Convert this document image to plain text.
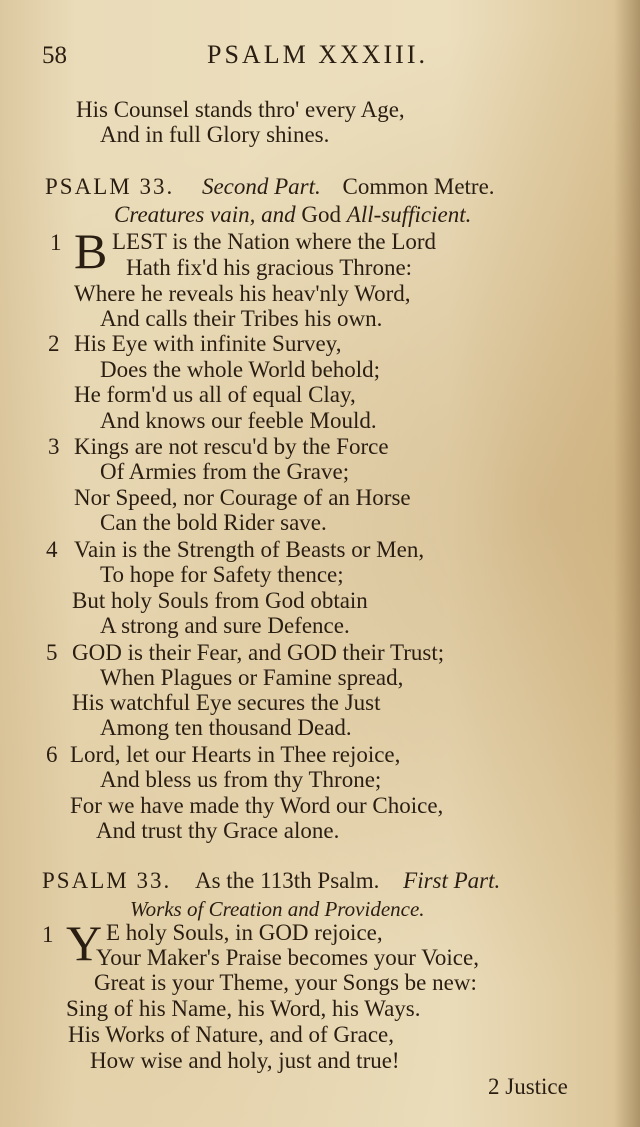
58	PSALM XXXIII.
His Counsel stands thro' every Age,
And in full Glory shines.
PSALM 33. Second Part. Common Metre.
Creatures vain, and God All-sufficient.
1 B LEST is the Nation where the Lord
Hath fix'd his gracious Throne:
Where he reveals his heav'nly Word,
And calls their Tribes his own.
2 His Eye with infinite Survey,
Does the whole World behold;
He form'd us all of equal Clay,
And knows our feeble Mould.
3 Kings are not rescu'd by the Force
Of Armies from the Grave;
Nor Speed, nor Courage of an Horse
Can the bold Rider save.
4 Vain is the Strength of Beasts or Men,
To hope for Safety thence;
But holy Souls from God obtain
A strong and sure Defence.
5 GOD is their Fear, and GOD their Trust;
When Plagues or Famine spread,
His watchful Eye secures the Just
Among ten thousand Dead.
6 Lord, let our Hearts in Thee rejoice,
And bless us from thy Throne;
For we have made thy Word our Choice,
And trust thy Grace alone.
PSALM 33. As the 113th Psalm. First Part.
Works of Creation and Providence.
1 Y E holy Souls, in GOD rejoice,
Your Maker's Praise becomes your Voice,
Great is your Theme, your Songs be new:
Sing of his Name, his Word, his Ways.
His Works of Nature, and of Grace,
How wise and holy, just and true!
2 Justice
